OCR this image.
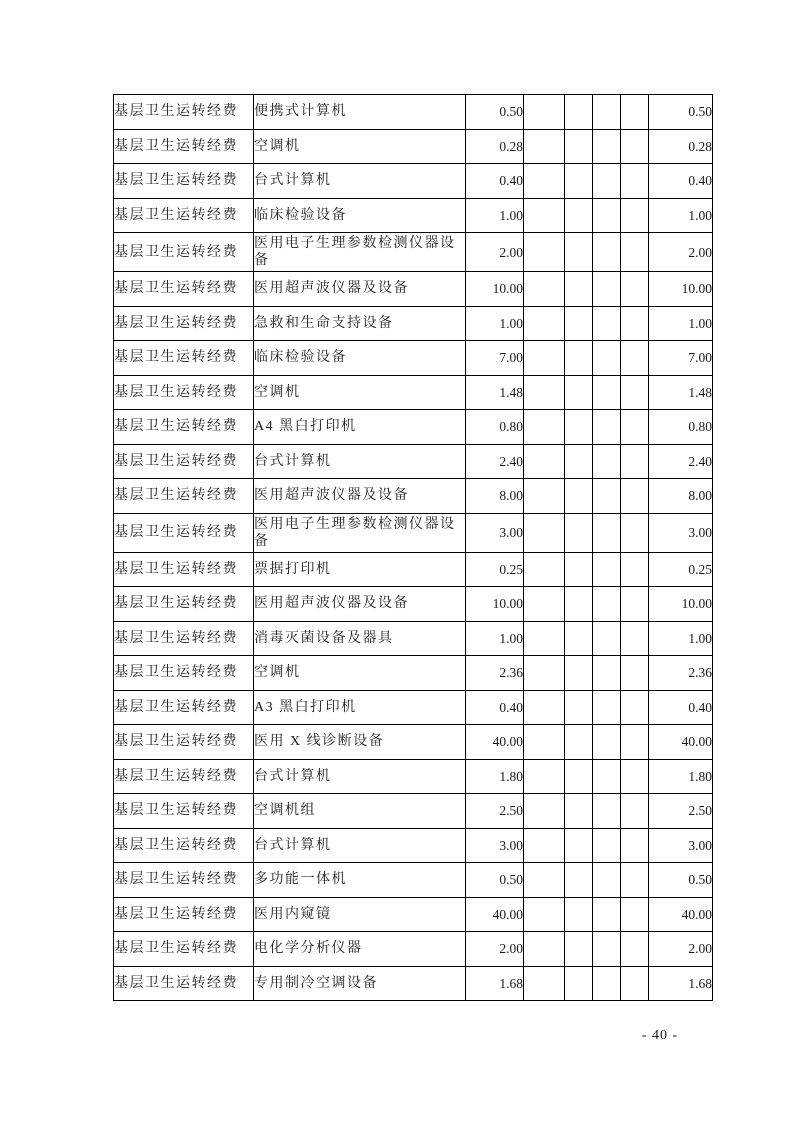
基层卫生运转经费	便携式计算机	0.50					0.50
基层卫生运转经费	空调机	0.28					0.28
基层卫生运转经费	台式计算机	0.40					0.40
基层卫生运转经费	临床检验设备	1.00					1.00
基层卫生运转经费	医用电子生理参数检测仪器设备	2.00					2.00
基层卫生运转经费	医用超声波仪器及设备	10.00					10.00
基层卫生运转经费	急救和生命支持设备	1.00					1.00
基层卫生运转经费	临床检验设备	7.00					7.00
基层卫生运转经费	空调机	1.48					1.48
基层卫生运转经费	A4 黑白打印机	0.80					0.80
基层卫生运转经费	台式计算机	2.40					2.40
基层卫生运转经费	医用超声波仪器及设备	8.00					8.00
基层卫生运转经费	医用电子生理参数检测仪器设备	3.00					3.00
基层卫生运转经费	票据打印机	0.25					0.25
基层卫生运转经费	医用超声波仪器及设备	10.00					10.00
基层卫生运转经费	消毒灭菌设备及器具	1.00					1.00
基层卫生运转经费	空调机	2.36					2.36
基层卫生运转经费	A3 黑白打印机	0.40					0.40
基层卫生运转经费	医用 X 线诊断设备	40.00					40.00
基层卫生运转经费	台式计算机	1.80					1.80
基层卫生运转经费	空调机组	2.50					2.50
基层卫生运转经费	台式计算机	3.00					3.00
基层卫生运转经费	多功能一体机	0.50					0.50
基层卫生运转经费	医用内窥镜	40.00					40.00
基层卫生运转经费	电化学分析仪器	2.00					2.00
基层卫生运转经费	专用制冷空调设备	1.68					1.68
- 40 -
